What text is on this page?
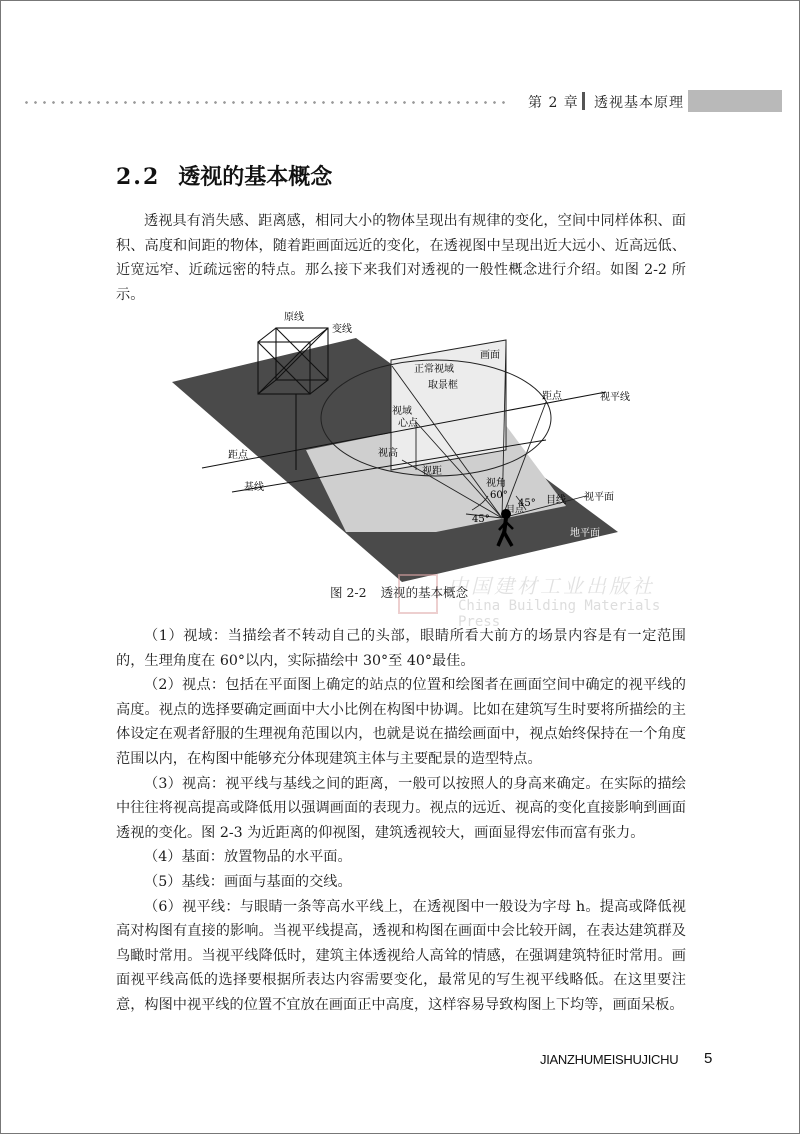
第 2 章 透视基本原理
2.2 透视的基本概念

透视具有消失感、距离感，相同大小的物体呈现出有规律的变化，空间中同样体积、面积、高度和间距的物体，随着距画面远近的变化，在透视图中呈现出近大远小、近高远低、近宽远窄、近疏远密的特点。那么接下来我们对透视的一般性概念进行介绍。如图 2-2 所示。

原线
变线
正常视域
画面
取景框
距点	视平线
视域
心点
距点	视高
视距
视角
60°
45°
45°
目线 视平面
基线
目点
地平面
中国建材工业出版社
China Building Materials Press
图 2-2 透视的基本概念

（1）视域：当描绘者不转动自己的头部，眼睛所看大前方的场景内容是有一定范围的，生理角度在 60°以内，实际描绘中 30°至 40°最佳。

（2）视点：包括在平面图上确定的站点的位置和绘图者在画面空间中确定的视平线的高度。视点的选择要确定画面中大小比例在构图中协调。比如在建筑写生时要将所描绘的主体设定在观者舒服的生理视角范围以内，也就是说在描绘画面中，视点始终保持在一个角度范围以内，在构图中能够充分体现建筑主体与主要配景的造型特点。

（3）视高：视平线与基线之间的距离，一般可以按照人的身高来确定。在实际的描绘中往往将视高提高或降低用以强调画面的表现力。视点的远近、视高的变化直接影响到画面透视的变化。图 2-3 为近距离的仰视图，建筑透视较大，画面显得宏伟而富有张力。

（4）基面：放置物品的水平面。

（5）基线：画面与基面的交线。

（6）视平线：与眼睛一条等高水平线上，在透视图中一般设为字母 h。提高或降低视高对构图有直接的影响。当视平线提高，透视和构图在画面中会比较开阔，在表达建筑群及鸟瞰时常用。当视平线降低时，建筑主体透视给人高耸的情感，在强调建筑特征时常用。画面视平线高低的选择要根据所表达内容需要变化，最常见的写生视平线略低。在这里要注意，构图中视平线的位置不宜放在画面正中高度，这样容易导致构图上下均等，画面呆板。

JIANZHUMEISHUJICHU 5
